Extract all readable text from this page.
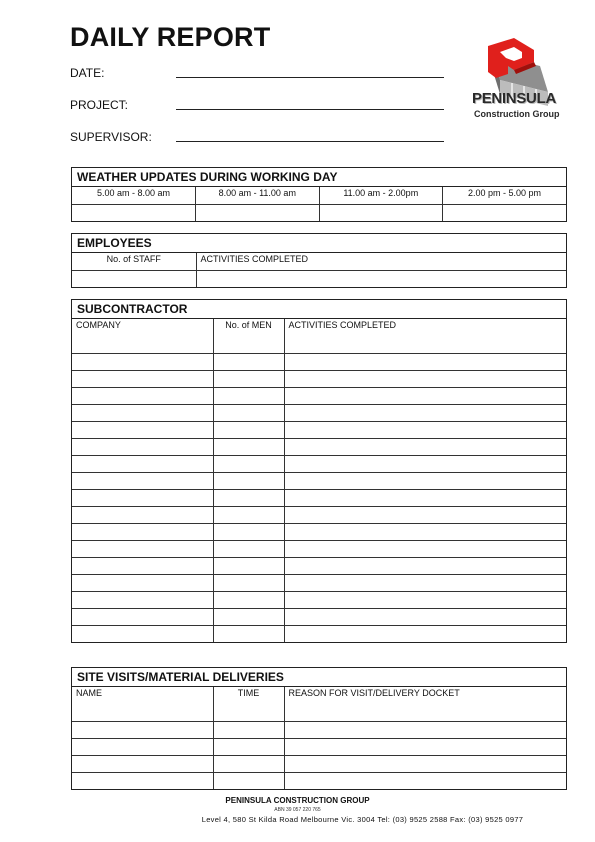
DAILY REPORT
DATE:
PROJECT:
SUPERVISOR:
PENINSULA
Construction Group
WEATHER UPDATES DURING WORKING DAY
5.00 am - 8.00 am	8.00 am - 11.00 am	11.00 am - 2.00pm	2.00 pm - 5.00 pm

EMPLOYEES
No. of STAFF	ACTIVITIES COMPLETED

SUBCONTRACTOR
COMPANY	No. of MEN	ACTIVITIES COMPLETED

SITE VISITS/MATERIAL DELIVERIES
NAME	TIME	REASON FOR VISIT/DELIVERY DOCKET

PENINSULA CONSTRUCTION GROUP
ABN 39 057 220 765
Level 4, 580 St Kilda Road Melbourne Vic. 3004 Tel: (03) 9525 2588 Fax: (03) 9525 0977
